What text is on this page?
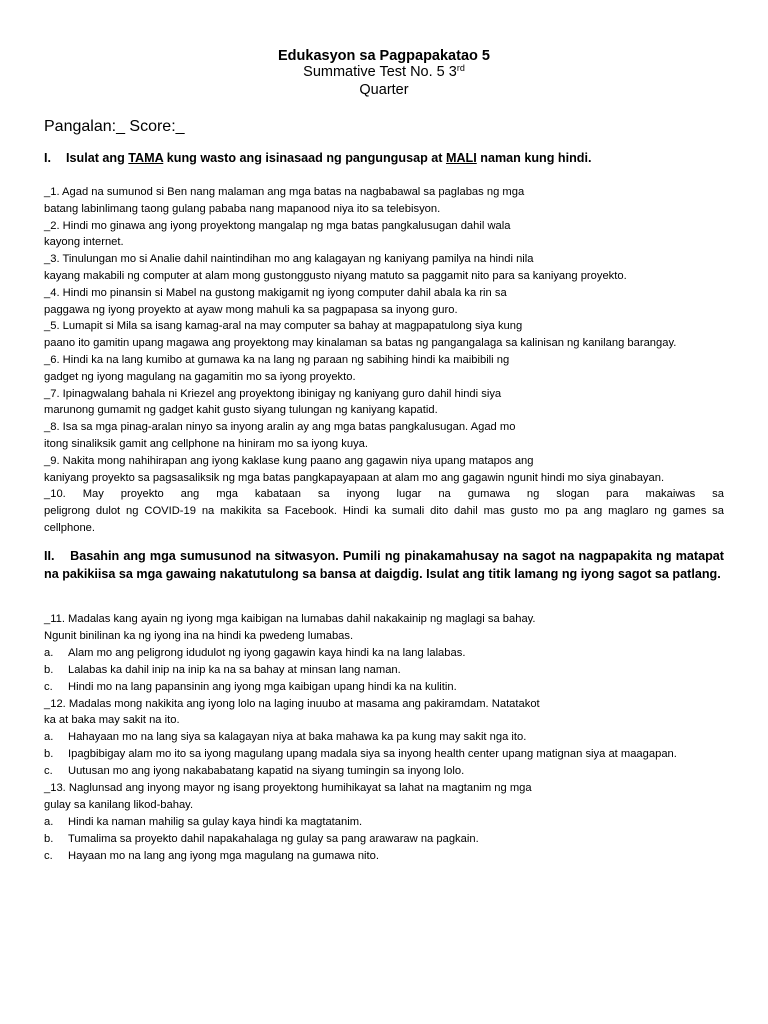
Edukasyon sa Pagpapakatao 5
Summative Test No. 5 3rd
Quarter
Pangalan:_ Score:_
I. Isulat ang TAMA kung wasto ang isinasaad ng pangungusap at MALI naman kung hindi.
_1. Agad na sumunod si Ben nang malaman ang mga batas na nagbabawal sa paglabas ng mga
batang labinlimang taong gulang pababa nang mapanood niya ito sa telebisyon.
_2. Hindi mo ginawa ang iyong proyektong mangalap ng mga batas pangkalusugan dahil wala
kayong internet.
_3. Tinulungan mo si Analie dahil naintindihan mo ang kalagayan ng kaniyang pamilya na hindi nila
kayang makabili ng computer at alam mong gustonggusto niyang matuto sa paggamit nito para sa kaniyang proyekto.
_4. Hindi mo pinansin si Mabel na gustong makigamit ng iyong computer dahil abala ka rin sa
paggawa ng iyong proyekto at ayaw mong mahuli ka sa pagpapasa sa inyong guro.
_5. Lumapit si Mila sa isang kamag-aral na may computer sa bahay at magpapatulong siya kung
paano ito gamitin upang magawa ang proyektong may kinalaman sa batas ng pangangalaga sa kalinisan ng kanilang barangay.
_6. Hindi ka na lang kumibo at gumawa ka na lang ng paraan ng sabihing hindi ka maibibili ng
gadget ng iyong magulang na gagamitin mo sa iyong proyekto.
_7. Ipinagwalang bahala ni Kriezel ang proyektong ibinigay ng kaniyang guro dahil hindi siya
marunong gumamit ng gadget kahit gusto siyang tulungan ng kaniyang kapatid.
_8. Isa sa mga pinag-aralan ninyo sa inyong aralin ay ang mga batas pangkalusugan. Agad mo
itong sinaliksik gamit ang cellphone na hiniram mo sa iyong kuya.
_9. Nakita mong nahihirapan ang iyong kaklase kung paano ang gagawin niya upang matapos ang
kaniyang proyekto sa pagsasaliksik ng mga batas pangkapayapaan at alam mo ang gagawin ngunit hindi mo siya ginabayan.
_10. May proyekto ang mga kabataan sa inyong lugar na gumawa ng slogan para makaiwas sa
peligrong dulot ng COVID-19 na makikita sa Facebook. Hindi ka sumali dito dahil mas gusto mo pa ang maglaro ng games sa
cellphone.
II. Basahin ang mga sumusunod na sitwasyon. Pumili ng pinakamahusay na sagot na nagpapakita ng matapat na pakikiisa sa mga gawaing nakatutulong sa bansa at daigdig. Isulat ang titik lamang ng iyong sagot sa patlang.
_11. Madalas kang ayain ng iyong mga kaibigan na lumabas dahil nakakainip ng maglagi sa bahay.
Ngunit binilinan ka ng iyong ina na hindi ka pwedeng lumabas.
a. Alam mo ang peligrong idudulot ng iyong gagawin kaya hindi ka na lang lalabas.
b. Lalabas ka dahil inip na inip ka na sa bahay at minsan lang naman.
c. Hindi mo na lang papansinin ang iyong mga kaibigan upang hindi ka na kulitin.
_12. Madalas mong nakikita ang iyong lolo na laging inuubo at masama ang pakiramdam. Natatakot
ka at baka may sakit na ito.
a. Hahayaan mo na lang siya sa kalagayan niya at baka mahawa ka pa kung may sakit nga ito.
b. Ipagbibigay alam mo ito sa iyong magulang upang madala siya sa inyong health center upang matignan siya at maagapan.
c. Uutusan mo ang iyong nakababatang kapatid na siyang tumingin sa inyong lolo.
_13. Naglunsad ang inyong mayor ng isang proyektong humihikayat sa lahat na magtanim ng mga
gulay sa kanilang likod-bahay.
a. Hindi ka naman mahilig sa gulay kaya hindi ka magtatanim.
b. Tumalima sa proyekto dahil napakahalaga ng gulay sa pang arawaraw na pagkain.
c. Hayaan mo na lang ang iyong mga magulang na gumawa nito.
